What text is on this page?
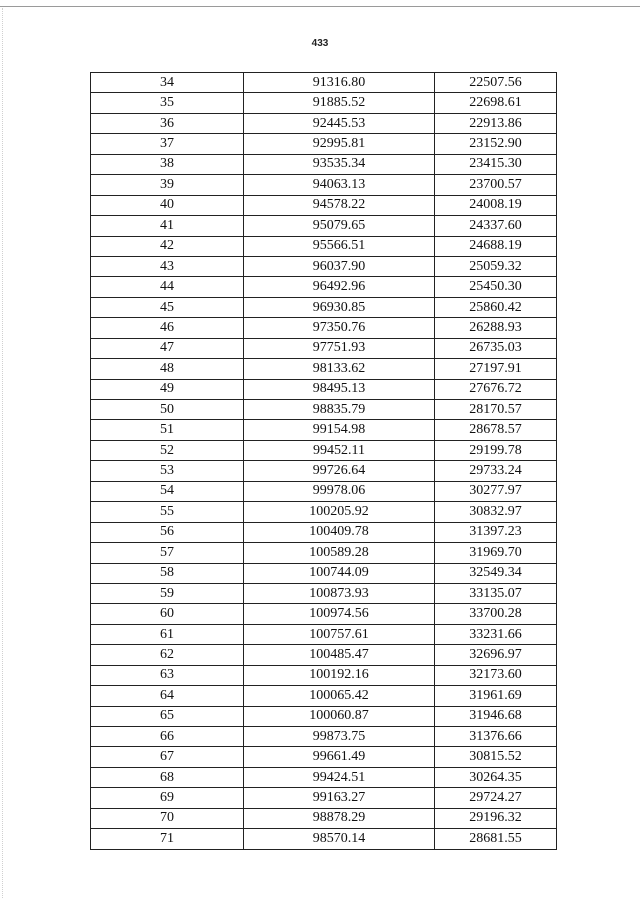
433
34	91316.80	22507.56
35	91885.52	22698.61
36	92445.53	22913.86
37	92995.81	23152.90
38	93535.34	23415.30
39	94063.13	23700.57
40	94578.22	24008.19
41	95079.65	24337.60
42	95566.51	24688.19
43	96037.90	25059.32
44	96492.96	25450.30
45	96930.85	25860.42
46	97350.76	26288.93
47	97751.93	26735.03
48	98133.62	27197.91
49	98495.13	27676.72
50	98835.79	28170.57
51	99154.98	28678.57
52	99452.11	29199.78
53	99726.64	29733.24
54	99978.06	30277.97
55	100205.92	30832.97
56	100409.78	31397.23
57	100589.28	31969.70
58	100744.09	32549.34
59	100873.93	33135.07
60	100974.56	33700.28
61	100757.61	33231.66
62	100485.47	32696.97
63	100192.16	32173.60
64	100065.42	31961.69
65	100060.87	31946.68
66	99873.75	31376.66
67	99661.49	30815.52
68	99424.51	30264.35
69	99163.27	29724.27
70	98878.29	29196.32
71	98570.14	28681.55
